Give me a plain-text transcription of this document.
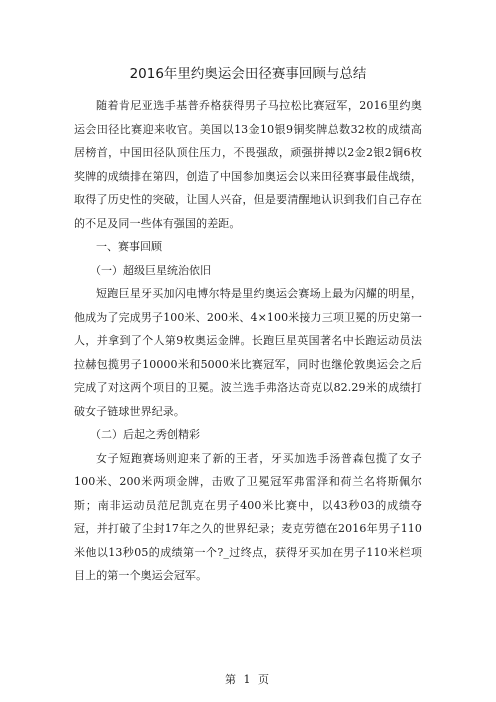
2016年里约奥运会田径赛事回顾与总结

随着肯尼亚选手基普乔格获得男子马拉松比赛冠军，2016里约奥运会田径比赛迎来收官。美国以13金10银9铜奖牌总数32枚的成绩高居榜首，中国田径队顶住压力，不畏强敌，顽强拼搏以2金2银2铜6枚奖牌的成绩排在第四，创造了中国参加奥运会以来田径赛事最佳战绩，取得了历史性的突破，让国人兴奋，但是要清醒地认识到我们自己存在的不足及同一些体有强国的差距。

一、赛事回顾

（一）超级巨星统治依旧

短跑巨星牙买加闪电博尔特是里约奥运会赛场上最为闪耀的明星，他成为了完成男子100米、200米、4×100米接力三项卫冕的历史第一人，并拿到了个人第9枚奥运金牌。长跑巨星英国著名中长跑运动员法拉赫包揽男子10000米和5000米比赛冠军，同时也继伦敦奥运会之后完成了对这两个项目的卫冕。波兰选手弗洛达奇克以82.29米的成绩打破女子链球世界纪录。

（二）后起之秀创精彩

女子短跑赛场则迎来了新的王者，牙买加选手汤普森包揽了女子100米、200米两项金牌，击败了卫冕冠军弗雷泽和荷兰名将斯佩尔斯；南非运动员范尼凯克在男子400米比赛中，以43秒03的成绩夺冠，并打破了尘封17年之久的世界纪录；麦克劳德在2016年男子110米他以13秒05的成绩第一个?_过终点，获得牙买加在男子110米栏项目上的第一个奥运会冠军。

第 1 页
